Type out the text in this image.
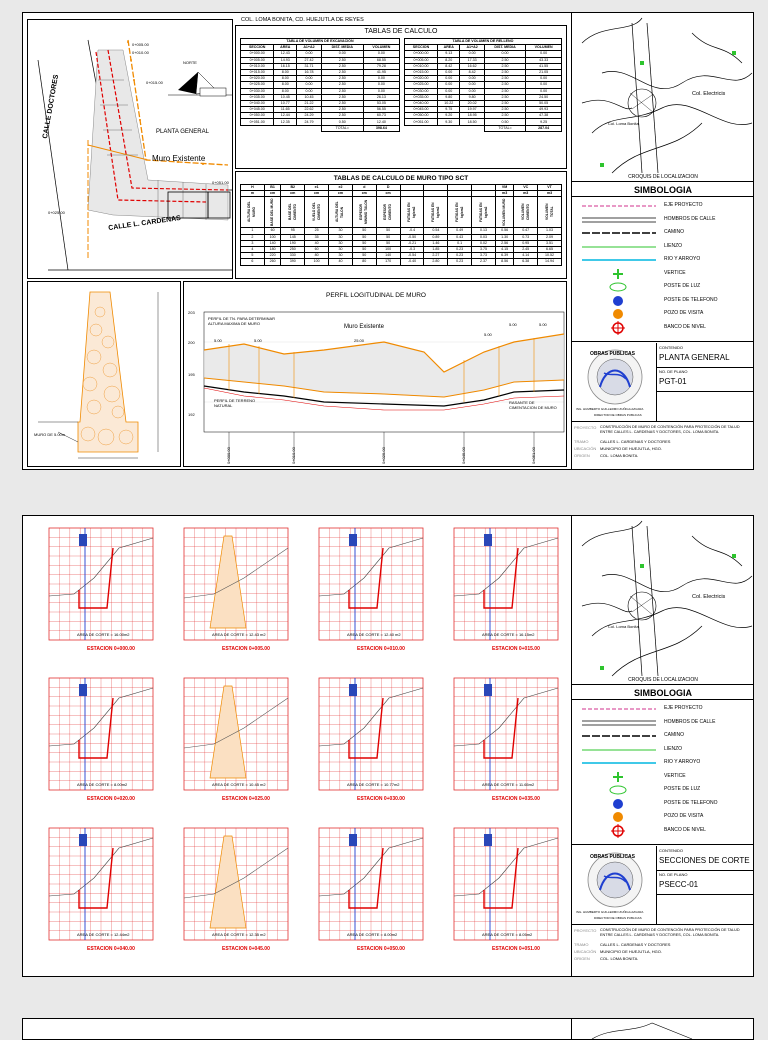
NORTE
CALLE DOCTORES
CALLE L. CARDENAS
PLANTA GENERAL
Muro Existente
0+005.00
0+010.00
0+015.00
0+025.00
0+051.00
COL. LOMA BONITA, CD. HUEJUTLA DE REYES
TABLAS DE CALCULO
TABLA DE VOLUMEN DE EXCAVACIÓN				
SECCION	AREA	A1+A2	DIST. MEDIA	VOLUMEN
0+000.00	12.43	0.00	0.00	0.00
0+005.00	14.93	27.42	2.50	68.55
0+010.00	16.15	31.71	2.50	79.28
0+015.00	8.00	16.78	2.50	41.95
0+020.00	8.00	0.00	2.50	0.00
0+025.00	8.00	0.00	2.50	0.00
0+030.00	8.00	0.00	2.50	0.00
0+035.00	10.45	10.45	2.50	26.13
0+040.00	10.77	21.22	2.50	53.05
0+045.00	11.65	22.62	2.50	56.55
0+050.00	12.44	24.29	2.50	60.73
0+051.00	12.35	24.79	0.50	12.40
			TOTAL=	398.64
TABLA DE VOLUMEN DE RELLENO				
SECCION	AREA	A1+A2	DIST. MEDIA	VOLUMEN
0+000.00	9.13	0.00	0.00	0.00
0+005.00	8.20	17.33	2.50	43.33
0+010.00	8.42	16.62	2.50	41.55
0+015.00	0.00	8.42	2.50	21.05
0+020.00	0.00	0.00	2.50	0.00
0+025.00	0.00	0.00	2.50	0.00
0+030.00	0.00	0.00	2.50	0.00
0+035.00	9.80	9.80	2.50	24.50
0+040.00	10.22	20.02	2.50	50.05
0+045.00	9.75	19.97	2.50	49.93
0+050.00	9.20	18.95	2.50	47.38
0+051.00	9.30	18.50	0.50	9.25
			TOTAL=	287.04
TABLAS DE CALCULO DE MURO TIPO SCT
H	B1	B2	e1	e2	d	D					VM	VC	VT
m	cm	cm	cm	cm	cm	cm					m3	m3	m3

ALTURA DEL MURO	BASE DEL MURO	BASE DEL CIMIENTO	VUELO DEL CIMIENTO	ALTURA DEL TALON	ESPESOR MINIMO TALON	ESPESOR CIMIENTO	FATIGAS EN kg/cm2	FATIGAS EN kg/cm2	FATIGAS EN kg/cm2	FATIGAS EN kg/cm2	VOLUMEN MURO	VOLUMEN CIMIENTO	VOLUMEN TOTAL

1	60	95	25	30	50	50	-0.4	0.54	0.49	0.13	0.56	0.47	1.03
2	100	145	35	30	50	50	-0.50	0.89	0.43	0.03	1.30	0.73	2.09
3	140	190	40	30	50	50	-0.21	1.46	0.1	0.02	2.56	0.95	3.51
4	180	250	60	30	50	100	-0.3	1.85	0.23	3.75	4.15	2.45	6.65
5	220	330	80	30	50	140	-0.54	2.27	0.23	3.73	6.39	4.14	10.52
6	260	390	100	40	80	170	-0.40	2.80	0.23	2.37	8.56	6.38	14.94
MURO DE 5.00m
PERFIL LOGITUDINAL DE MURO
PERFIL DE TN. PARA DETERMINAR ALTURA MAXIMA DE MURO
Muro Existente
5.00	5.00	25.00
5.00
5.00	5.00
PERFIL DE TERRENO NATURAL
RASANTE DE CIMENTACION DE MURO
203
200
195
192
0+000.00	0+010.00	0+025.00	0+045.00	0+051.00
Col. Electricis
Col. Loma Bonita
CROQUIS DE LOCALIZACION
SIMBOLOGIA
EJE PROYECTO
HOMBROS DE CALLE
CAMINO
LIENZO
RIO Y ARROYO
VERTICE
POSTE DE LUZ
POSTE DE TELEFONO
POZO DE VISITA
BANCO DE NIVEL
OBRAS PUBLICAS
ING. HUMBERTO GUILLERMO ZUÑIGA AZUARA
DIRECTOR DE OBRAS PUBLICAS
CONTENIDO
PLANTA GENERAL
NO. DE PLANO
PGT-01
PROYECTO CONSTRUCCIÓN DE MURO DE CONTENCIÓN PARA PROTECCIÓN DE TALUD ENTRE CALLES L. CARDENAS Y DOCTORES, COL. LOMA BONITA.
TRAMO	CALLES L. CARDENAS Y DOCTORES
UBICACIÓN MUNICIPIO DE HUEJUTLA, HGO.
ORIGEN	COL. LOMA BONITA.
AREA DE CORTE = 16.00m2
ESTACION 0+000.00
AREA DE CORTE = 12.43 m2
ESTACION 0+005.00
AREA DE CORTE = 12.40 m2
ESTACION 0+010.00
AREA DE CORTE = 16.15m2
ESTACION 0+015.00
AREA DE CORTE = 8.00m2
ESTACION 0+020.00
AREA DE CORTE = 10.45 m2
ESTACION 0+025.00
AREA DE CORTE = 10.77m2
ESTACION 0+030.00
AREA DE CORTE = 11.65m2
ESTACION 0+035.00
AREA DE CORTE = 12.44m2
ESTACION 0+040.00
AREA DE CORTE = 12.35 m2
ESTACION 0+045.00
AREA DE CORTE = 8.00m2
ESTACION 0+050.00
AREA DE CORTE = 8.05m2
ESTACION 0+051.00
Col. Electricis
Col. Loma Bonita
CROQUIS DE LOCALIZACION
SIMBOLOGIA
EJE PROYECTO
HOMBROS DE CALLE
CAMINO
LIENZO
RIO Y ARROYO
VERTICE
POSTE DE LUZ
POSTE DE TELEFONO
POZO DE VISITA
BANCO DE NIVEL
OBRAS PUBLICAS
ING. HUMBERTO GUILLERMO ZUÑIGA AZUARA
DIRECTOR DE OBRAS PUBLICAS
CONTENIDO
SECCIONES DE CORTE
NO. DE PLANO
PSECC-01
PROYECTO CONSTRUCCIÓN DE MURO DE CONTENCIÓN PARA PROTECCIÓN DE TALUD ENTRE CALLES L. CARDENAS Y DOCTORES, COL. LOMA BONITA.
TRAMO	CALLES L. CARDENAS Y DOCTORES
UBICACIÓN MUNICIPIO DE HUEJUTLA, HGO.
ORIGEN	COL. LOMA BONITA.
